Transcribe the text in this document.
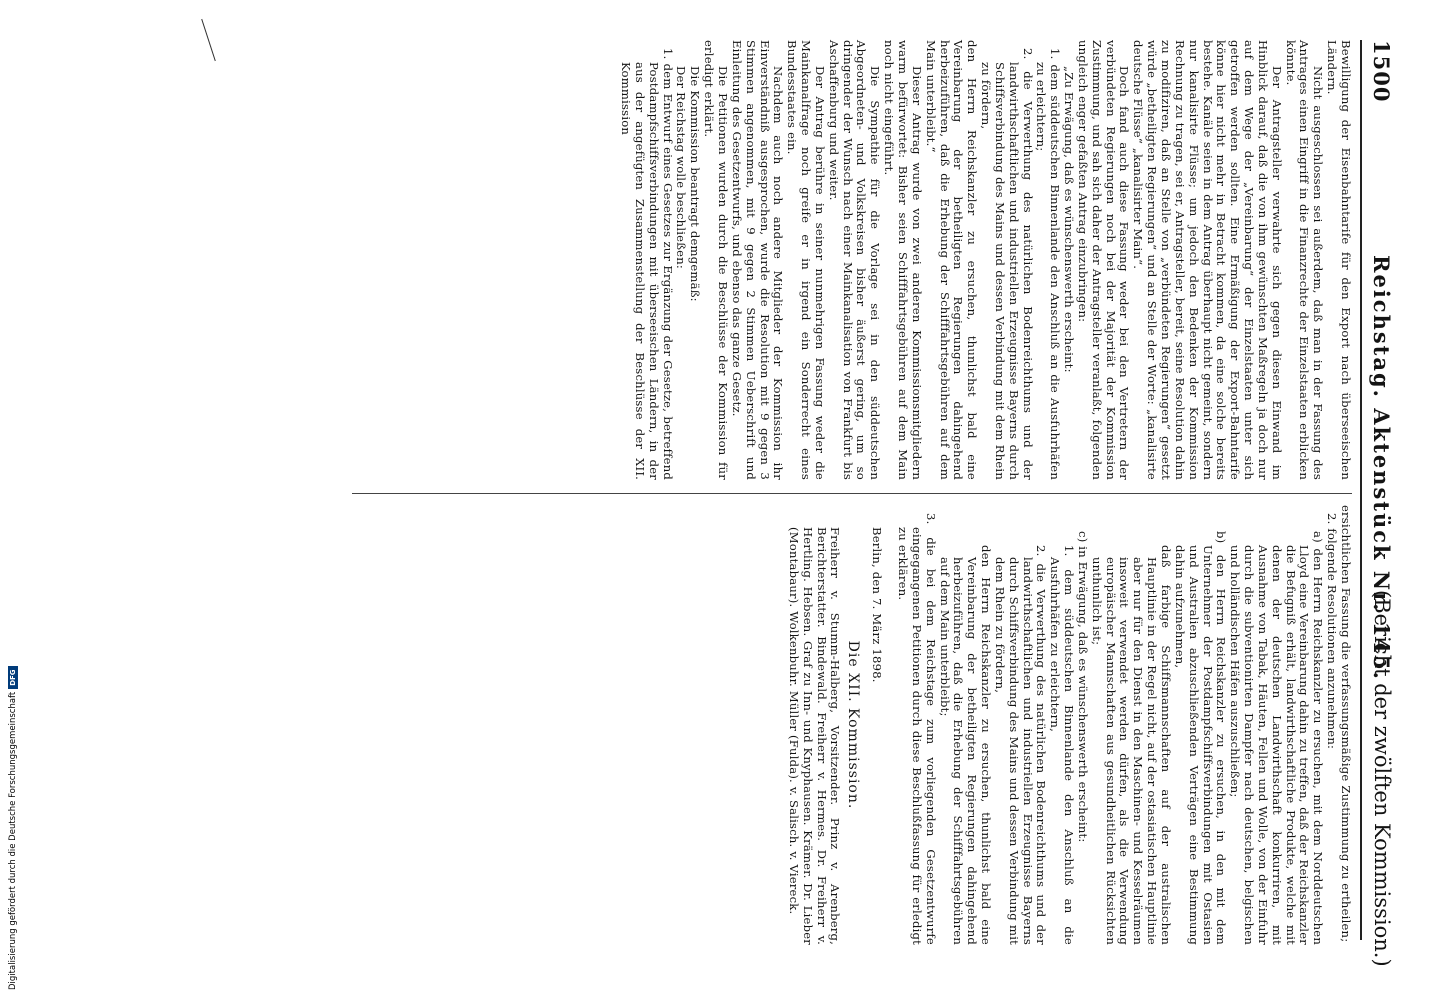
1500
Reichstag. Aktenstück Nr. 145.
(Bericht der zwölften Kommission.)

Bewilligung der Eisenbahntarife für den Export nach überseeischen Ländern.

Nicht ausgeschlossen sei außerdem, daß man in der Fassung des Antrages einen Eingriff in die Finanzrechte der Einzelstaaten erblicken könnte.

Der Antragsteller verwahrte sich gegen diesen Einwand im Hinblick darauf, daß die von ihm gewünschten Maßregeln ja doch nur auf dem Wege der „Vereinbarung“ der Einzelstaaten unter sich getroffen werden sollten. Eine Ermäßigung der Export-Bahntarife könne hier nicht mehr in Betracht kommen, da eine solche bereits bestehe. Kanäle seien in dem Antrag überhaupt nicht gemeint, sondern nur kanalisirte Flüsse; um jedoch den Bedenken der Kommission Rechnung zu tragen, sei er, Antragsteller, bereit, seine Resolution dahin zu modifiziren, daß an Stelle von „verbündeten Regierungen“ gesetzt würde „betheiligten Regierungen“ und an Stelle der Worte: „kanalisirte deutsche Flüsse“ „kanalisirter Main“.

Doch fand auch diese Fassung weder bei den Vertretern der verbündeten Regierungen noch bei der Majorität der Kommission Zustimmung, und sah sich daher der Antragsteller veranlaßt, folgenden ungleich enger gefaßten Antrag einzubringen:

„Zu Erwägung, daß es wünschenswerth erscheint:

1. dem süddeutschen Binnenlande den Anschluß an die Ausfuhrhäfen zu erleichtern;

2. die Verwerthung des natürlichen Bodenreichthums und der landwirthschaftlichen und industriellen Erzeugnisse Bayerns durch Schiffsverbindung des Mains und dessen Verbindung mit dem Rhein zu fördern,

den Herrn Reichskanzler zu ersuchen, thunlichst bald eine Vereinbarung der betheiligten Regierungen dahingehend herbeizuführen, daß die Erhebung der Schifffahrtsgebühren auf dem Main unterbleibt.“

Dieser Antrag wurde von zwei anderen Kommissionsmitgliedern warm befürwortet: Bisher seien Schifffahrtsgebühren auf dem Main noch nicht eingeführt.

Die Sympathie für die Vorlage sei in den süddeutschen Abgeordneten- und Volkskreisen bisher äußerst gering, um so dringender der Wunsch nach einer Mainkanalisation von Frankfurt bis Aschaffenburg und weiter.

Der Antrag berühre in seiner nunmehrigen Fassung weder die Mainkanalfrage noch greife er in irgend ein Sonderrecht eines Bundesstaates ein.

Nachdem auch noch andere Mitglieder der Kommission ihr Einverständniß ausgesprochen, wurde die Resolution mit 9 gegen 3 Stimmen angenommen, mit 9 gegen 2 Stimmen Ueberschrift und Einleitung des Gesetzentwurfs, und ebenso das ganze Gesetz.

Die Petitionen wurden durch die Beschlüsse der Kommission für erledigt erklärt.

Die Kommission beantragt demgemäß:

Der Reichstag wolle beschließen:

1. dem Entwurf eines Gesetzes zur Ergänzung der Gesetze, betreffend Postdampfschiffsverbindungen mit überseeischen Ländern, in der aus der angefügten Zusammenstellung der Beschlüsse der XII. Kommission

ersichtlichen Fassung die verfassungsmäßige Zustimmung zu ertheilen;

2. folgende Resolutionen anzunehmen:

a) den Herrn Reichskanzler zu ersuchen, mit dem Norddeutschen Lloyd eine Vereinbarung dahin zu treffen, daß der Reichskanzler die Befugniß erhält, landwirthschaftliche Produkte, welche mit denen der deutschen Landwirthschaft konkurriren, mit Ausnahme von Tabak, Häuten, Fellen und Wolle, von der Einfuhr durch die subventionirten Dampfer nach deutschen, belgischen und holländischen Häfen auszuschließen;

b) den Herrn Reichskanzler zu ersuchen, in den mit dem Unternehmer der Postdampfschiffsverbindungen mit Ostasien und Australien abzuschließenden Verträgen eine Bestimmung dahin aufzunehmen,

daß farbige Schiffsmannschaften auf der australischen Hauptlinie in der Regel nicht, auf der ostasiatischen Hauptlinie aber nur für den Dienst in den Maschinen- und Kesselräumen insoweit verwendet werden dürfen, als die Verwendung europäischer Mannschaften aus gesundheitlichen Rücksichten unthunlich ist;

c) in Erwägung, daß es wünschenswerth erscheint:

1. dem süddeutschen Binnenlande den Anschluß an die Ausfuhrhäfen zu erleichtern,

2. die Verwerthung des natürlichen Bodenreichthums und der landwirthschaftlichen und industriellen Erzeugnisse Bayerns durch Schiffsverbindung des Mains und dessen Verbindung mit dem Rhein zu fördern,

den Herrn Reichskanzler zu ersuchen, thunlichst bald eine Vereinbarung der betheiligten Regierungen dahingehend herbeizuführen, daß die Erhebung der Schifffahrtsgebühren auf dem Main unterbleibt;

3. die bei dem Reichstage zum vorliegenden Gesetzentwurfe eingegangenen Petitionen durch diese Beschlußfassung für erledigt zu erklären.

Berlin, den 7. März 1898.

Die XII. Kommission.

Freiherr v. Stumm-Halberg, Vorsitzender. Prinz v. Arenberg, Berichterstatter. Bindewald. Freiherr v. Hermes. Dr. Freiherr v. Hertling. Hebsen. Graf zu Inn- und Knyphausen. Krämer. Dr. Lieber (Montabaur). Wolkenbuhr. Müller (Fulda). v. Salisch. v. Viereck.

Digitalisierung gefördert durch die Deutsche ForschungsgemeinschaftDFG
